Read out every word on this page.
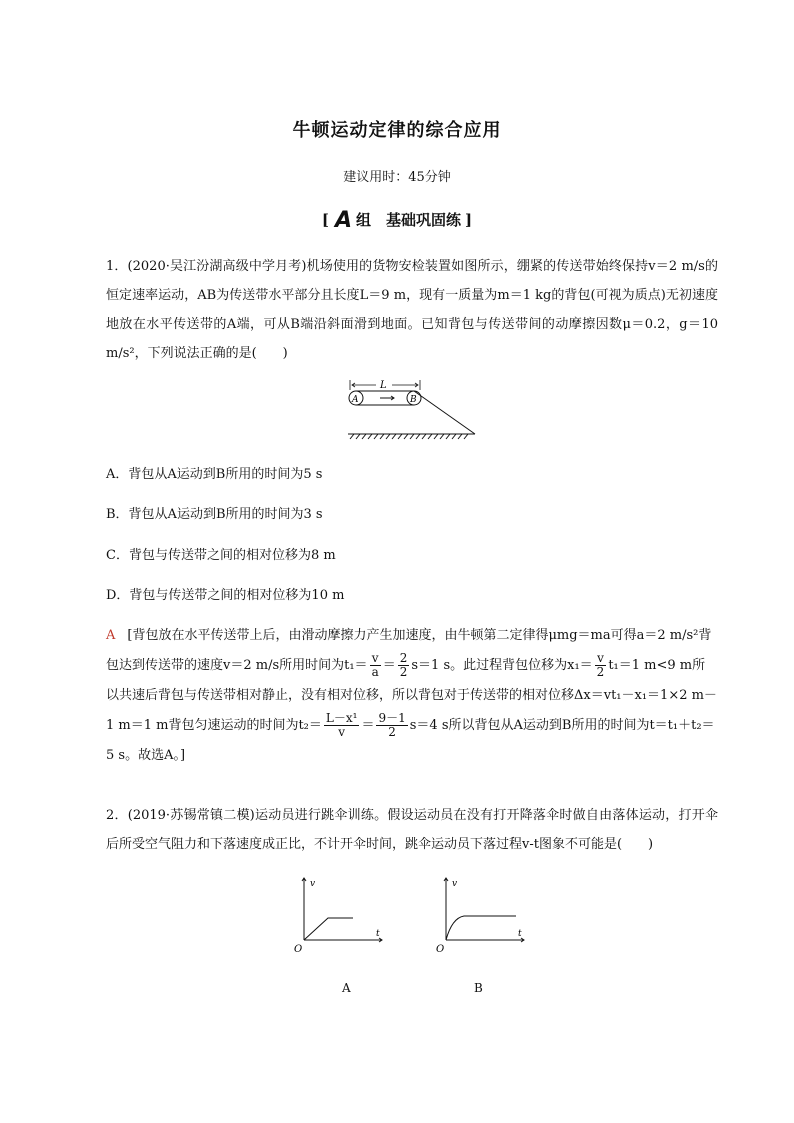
牛顿运动定律的综合应用
建议用时：45分钟
[ A 组　基础巩固练 ]
1．(2020·吴江汾湖高级中学月考)机场使用的货物安检装置如图所示，绷紧的传送带始终保持v＝2 m/s的恒定速率运动，AB为传送带水平部分且长度L＝9 m，现有一质量为m＝1 kg的背包(可视为质点)无初速度地放在水平传送带的A端，可从B端沿斜面滑到地面。已知背包与传送带间的动摩擦因数μ＝0.2，g＝10 m/s²，下列说法正确的是(　　)
L
A	B
A．背包从A运动到B所用的时间为5 s
B．背包从A运动到B所用的时间为3 s
C．背包与传送带之间的相对位移为8 m
D．背包与传送带之间的相对位移为10 m
A [背包放在水平传送带上后，由滑动摩擦力产生加速度，由牛顿第二定律得μmg＝ma可得a＝2 m/s²背包达到传送带的速度v＝2 m/s所用时间为$t_1= \frac{v}{a} = \frac{2}{2} s=1$ s。此过程背包位移为$x_1= \frac{v}{2} t_1=1$ m<9 m所以共速后背包与传送带相对静止，没有相对位移，所以背包对于传送带的相对位移Δx＝vt₁－x₁＝1×2 m－1 m＝1 m背包匀速运动的时间为$t_2= \frac{\text{L－x¹}}{v} = \frac{9-1}{2} s=4$ s所以背包从A运动到B所用的时间为t＝t₁＋t₂＝5 s。故选A。]
2．(2019·苏锡常镇二模)运动员进行跳伞训练。假设运动员在没有打开降落伞时做自由落体运动，打开伞后所受空气阻力和下落速度成正比，不计开伞时间，跳伞运动员下落过程v-t图象不可能是(　　)
v
t
O
v
t
O
A	B
